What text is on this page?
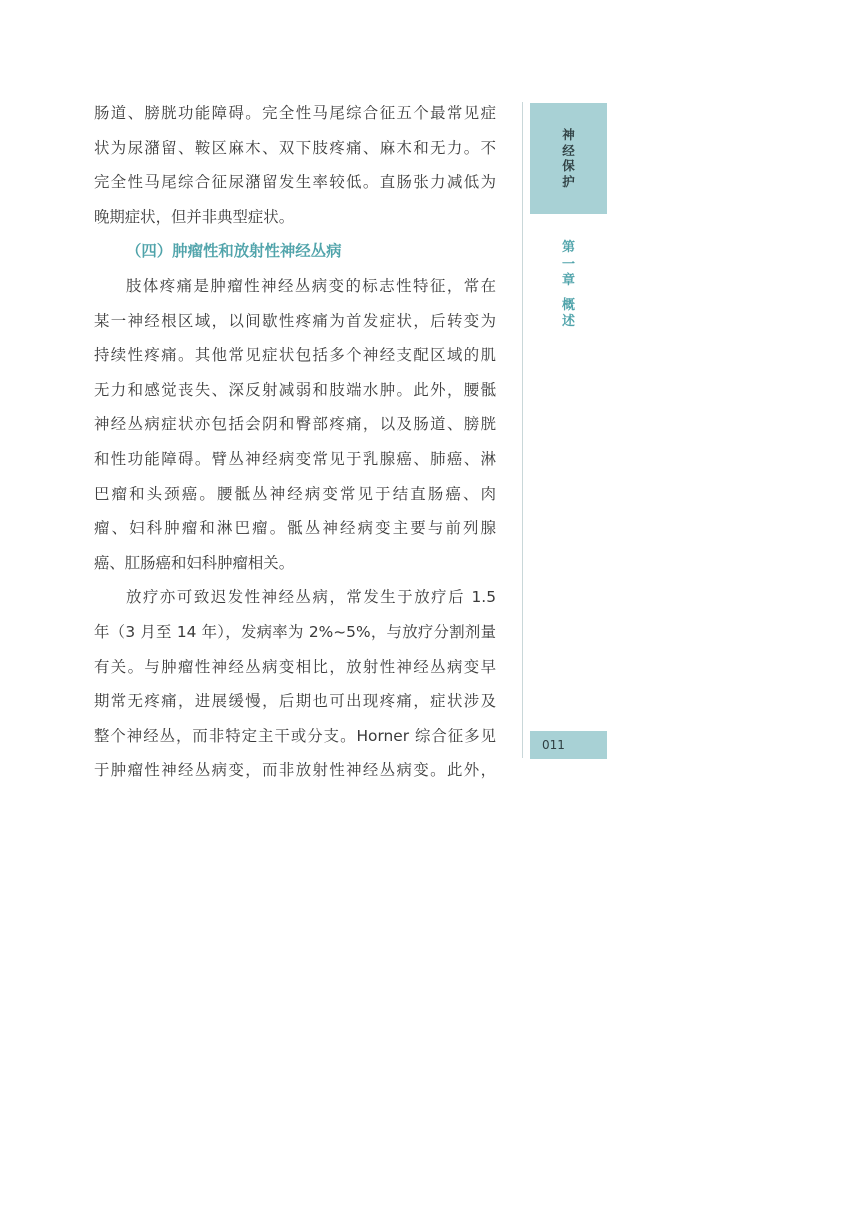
肠道、膀胱功能障碍。完全性马尾综合征五个最常见症
状为尿潴留、鞍区麻木、双下肢疼痛、麻木和无力。不
完全性马尾综合征尿潴留发生率较低。直肠张力减低为
晚期症状，但并非典型症状。
（四）肿瘤性和放射性神经丛病
肢体疼痛是肿瘤性神经丛病变的标志性特征，常在
某一神经根区域，以间歇性疼痛为首发症状，后转变为
持续性疼痛。其他常见症状包括多个神经支配区域的肌
无力和感觉丧失、深反射减弱和肢端水肿。此外，腰骶
神经丛病症状亦包括会阴和臀部疼痛，以及肠道、膀胱
和性功能障碍。臂丛神经病变常见于乳腺癌、肺癌、淋
巴瘤和头颈癌。腰骶丛神经病变常见于结直肠癌、肉
瘤、妇科肿瘤和淋巴瘤。骶丛神经病变主要与前列腺
癌、肛肠癌和妇科肿瘤相关。
放疗亦可致迟发性神经丛病，常发生于放疗后 1.5
年（3 月至 14 年），发病率为 2%~5%，与放疗分割剂量
有关。与肿瘤性神经丛病变相比，放射性神经丛病变早
期常无疼痛，进展缓慢，后期也可出现疼痛，症状涉及
整个神经丛，而非特定主干或分支。Horner 综合征多见
于肿瘤性神经丛病变，而非放射性神经丛病变。此外，
神
经
保
护
第
一
章
概
述
011
